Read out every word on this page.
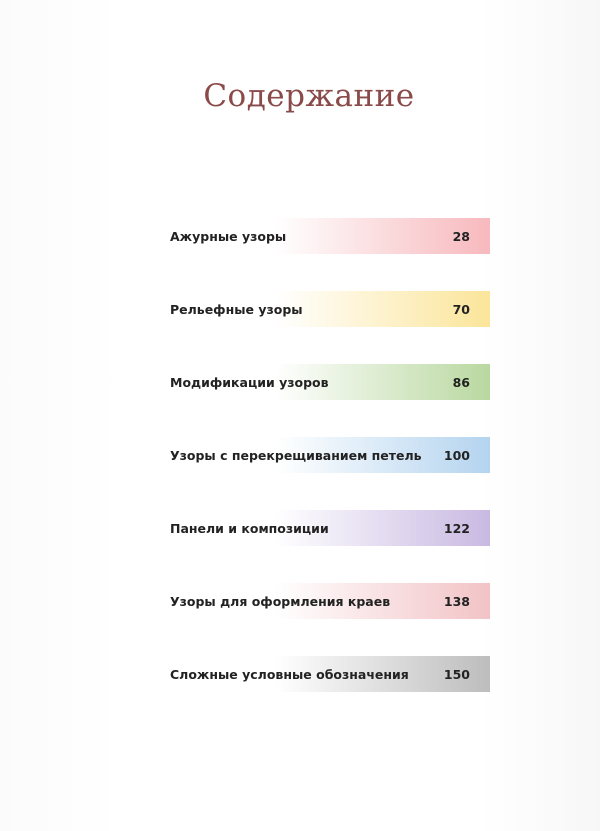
Содержание
Ажурные узоры	28
Рельефные узоры	70
Модификации узоров	86
Узоры с перекрещиванием петель 100
Панели и композиции	122
Узоры для оформления краев	138
Сложные условные обозначения	150
